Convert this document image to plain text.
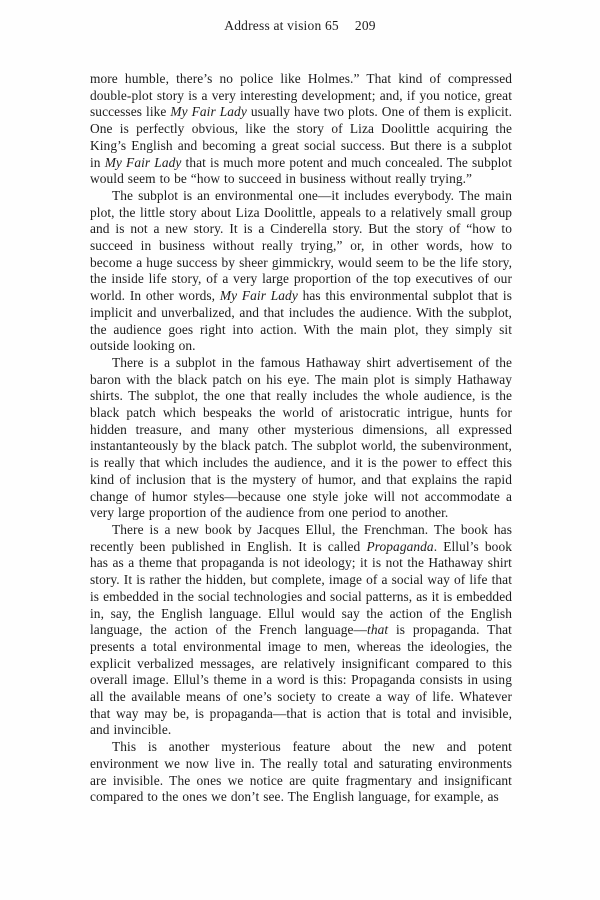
Address at vision 65 209

more humble, there’s no police like Holmes.” That kind of compressed double-plot story is a very interesting development; and, if you notice, great successes like My Fair Lady usually have two plots. One of them is explicit. One is perfectly obvious, like the story of Liza Doolittle acquiring the King’s English and becoming a great social success. But there is a subplot in My Fair Lady that is much more potent and much concealed. The subplot would seem to be “how to succeed in business without really trying.”

The subplot is an environmental one—it includes everybody. The main plot, the little story about Liza Doolittle, appeals to a relatively small group and is not a new story. It is a Cinderella story. But the story of “how to succeed in business without really trying,” or, in other words, how to become a huge success by sheer gimmickry, would seem to be the life story, the inside life story, of a very large proportion of the top executives of our world. In other words, My Fair Lady has this environmental subplot that is implicit and unverbalized, and that includes the audience. With the subplot, the audience goes right into action. With the main plot, they simply sit outside looking on.

There is a subplot in the famous Hathaway shirt advertisement of the baron with the black patch on his eye. The main plot is simply Hathaway shirts. The subplot, the one that really includes the whole audience, is the black patch which bespeaks the world of aristocratic intrigue, hunts for hidden treasure, and many other mysterious dimensions, all expressed instantanteously by the black patch. The subplot world, the subenvironment, is really that which includes the audience, and it is the power to effect this kind of inclusion that is the mystery of humor, and that explains the rapid change of humor styles—because one style joke will not accommodate a very large proportion of the audience from one period to another.

There is a new book by Jacques Ellul, the Frenchman. The book has recently been published in English. It is called Propaganda. Ellul’s book has as a theme that propaganda is not ideology; it is not the Hathaway shirt story. It is rather the hidden, but complete, image of a social way of life that is embedded in the social technologies and social patterns, as it is embedded in, say, the English language. Ellul would say the action of the English language, the action of the French language—that is propaganda. That presents a total environmental image to men, whereas the ideologies, the explicit verbalized messages, are relatively insignificant compared to this overall image. Ellul’s theme in a word is this: Propaganda consists in using all the available means of one’s society to create a way of life. Whatever that way may be, is propaganda—that is action that is total and invisible, and invincible.

This is another mysterious feature about the new and potent environment we now live in. The really total and saturating environments are invisible. The ones we notice are quite fragmentary and insignificant compared to the ones we don’t see. The English language, for example, as
